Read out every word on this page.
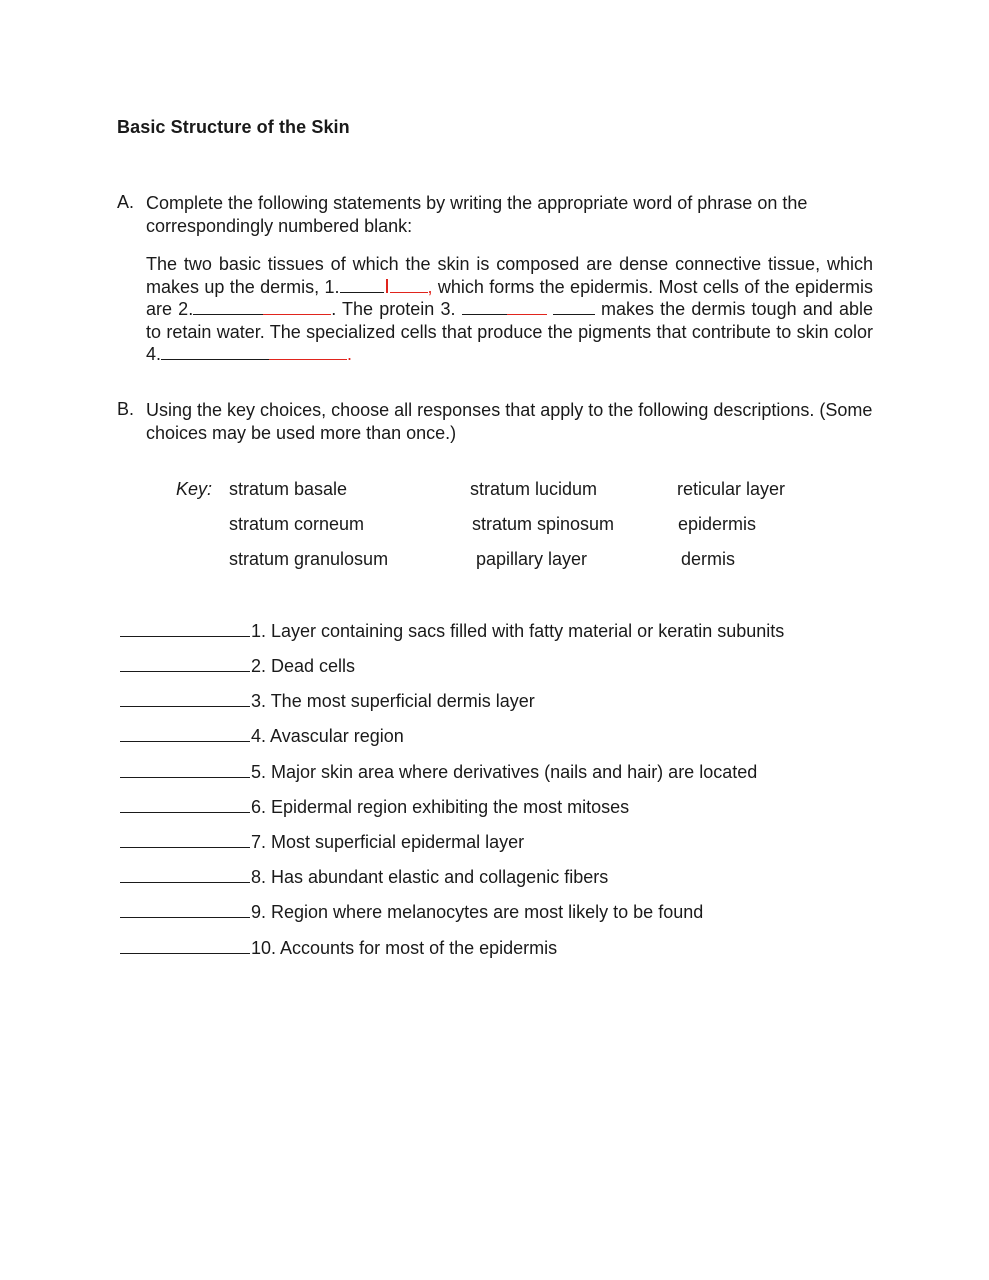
Basic Structure of the Skin
A. Complete the following statements by writing the appropriate word of phrase on the correspondingly numbered blank:
The two basic tissues of which the skin is composed are dense connective tissue, which makes up the dermis, 1.	, which forms the epidermis. Most cells of the epidermis are 2.	. The protein 3.	makes the dermis tough and able to retain water. The specialized cells that produce the pigments that contribute to skin color 4.	.
B. Using the key choices, choose all responses that apply to the following descriptions. (Some choices may be used more than once.)
Key: stratum basale	stratum lucidum	reticular layer
stratum corneum	stratum spinosum	epidermis
stratum granulosum	papillary layer	dermis
1. Layer containing sacs filled with fatty material or keratin subunits
2. Dead cells
3. The most superficial dermis layer
4. Avascular region
5. Major skin area where derivatives (nails and hair) are located
6. Epidermal region exhibiting the most mitoses
7. Most superficial epidermal layer
8. Has abundant elastic and collagenic fibers
9. Region where melanocytes are most likely to be found
10. Accounts for most of the epidermis
